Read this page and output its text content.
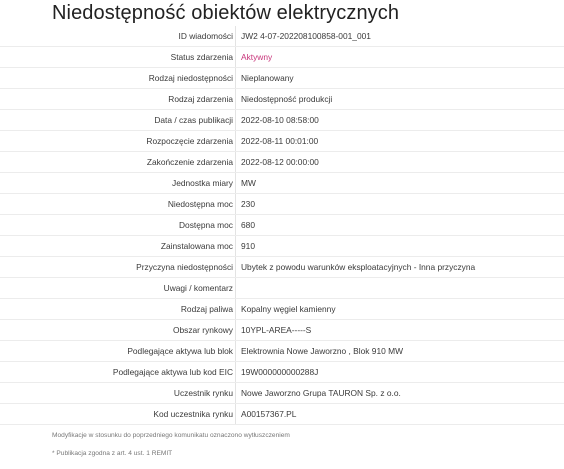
Niedostępność obiektów elektrycznych
ID wiadomości JW2 4-07-202208100858-001_001
Status zdarzenia Aktywny
Rodzaj niedostępności Nieplanowany
Rodzaj zdarzenia Niedostępność produkcji
Data / czas publikacji 2022-08-10 08:58:00
Rozpoczęcie zdarzenia 2022-08-11 00:01:00
Zakończenie zdarzenia 2022-08-12 00:00:00
Jednostka miary MW
Niedostępna moc 230
Dostępna moc 680
Zainstalowana moc 910
Przyczyna niedostępności Ubytek z powodu warunków eksploatacyjnych - Inna przyczyna
Uwagi / komentarz
Rodzaj paliwa Kopalny węgiel kamienny
Obszar rynkowy 10YPL-AREA-----S
Podlegające aktywa lub blok Elektrownia Nowe Jaworzno , Blok 910 MW
Podlegające aktywa lub kod EIC 19W000000000288J
Uczestnik rynku Nowe Jaworzno Grupa TAURON Sp. z o.o.
Kod uczestnika rynku A00157367.PL
Modyfikacje w stosunku do poprzedniego komunikatu oznaczono wytłuszczeniem
* Publikacja zgodna z art. 4 ust. 1 REMIT
